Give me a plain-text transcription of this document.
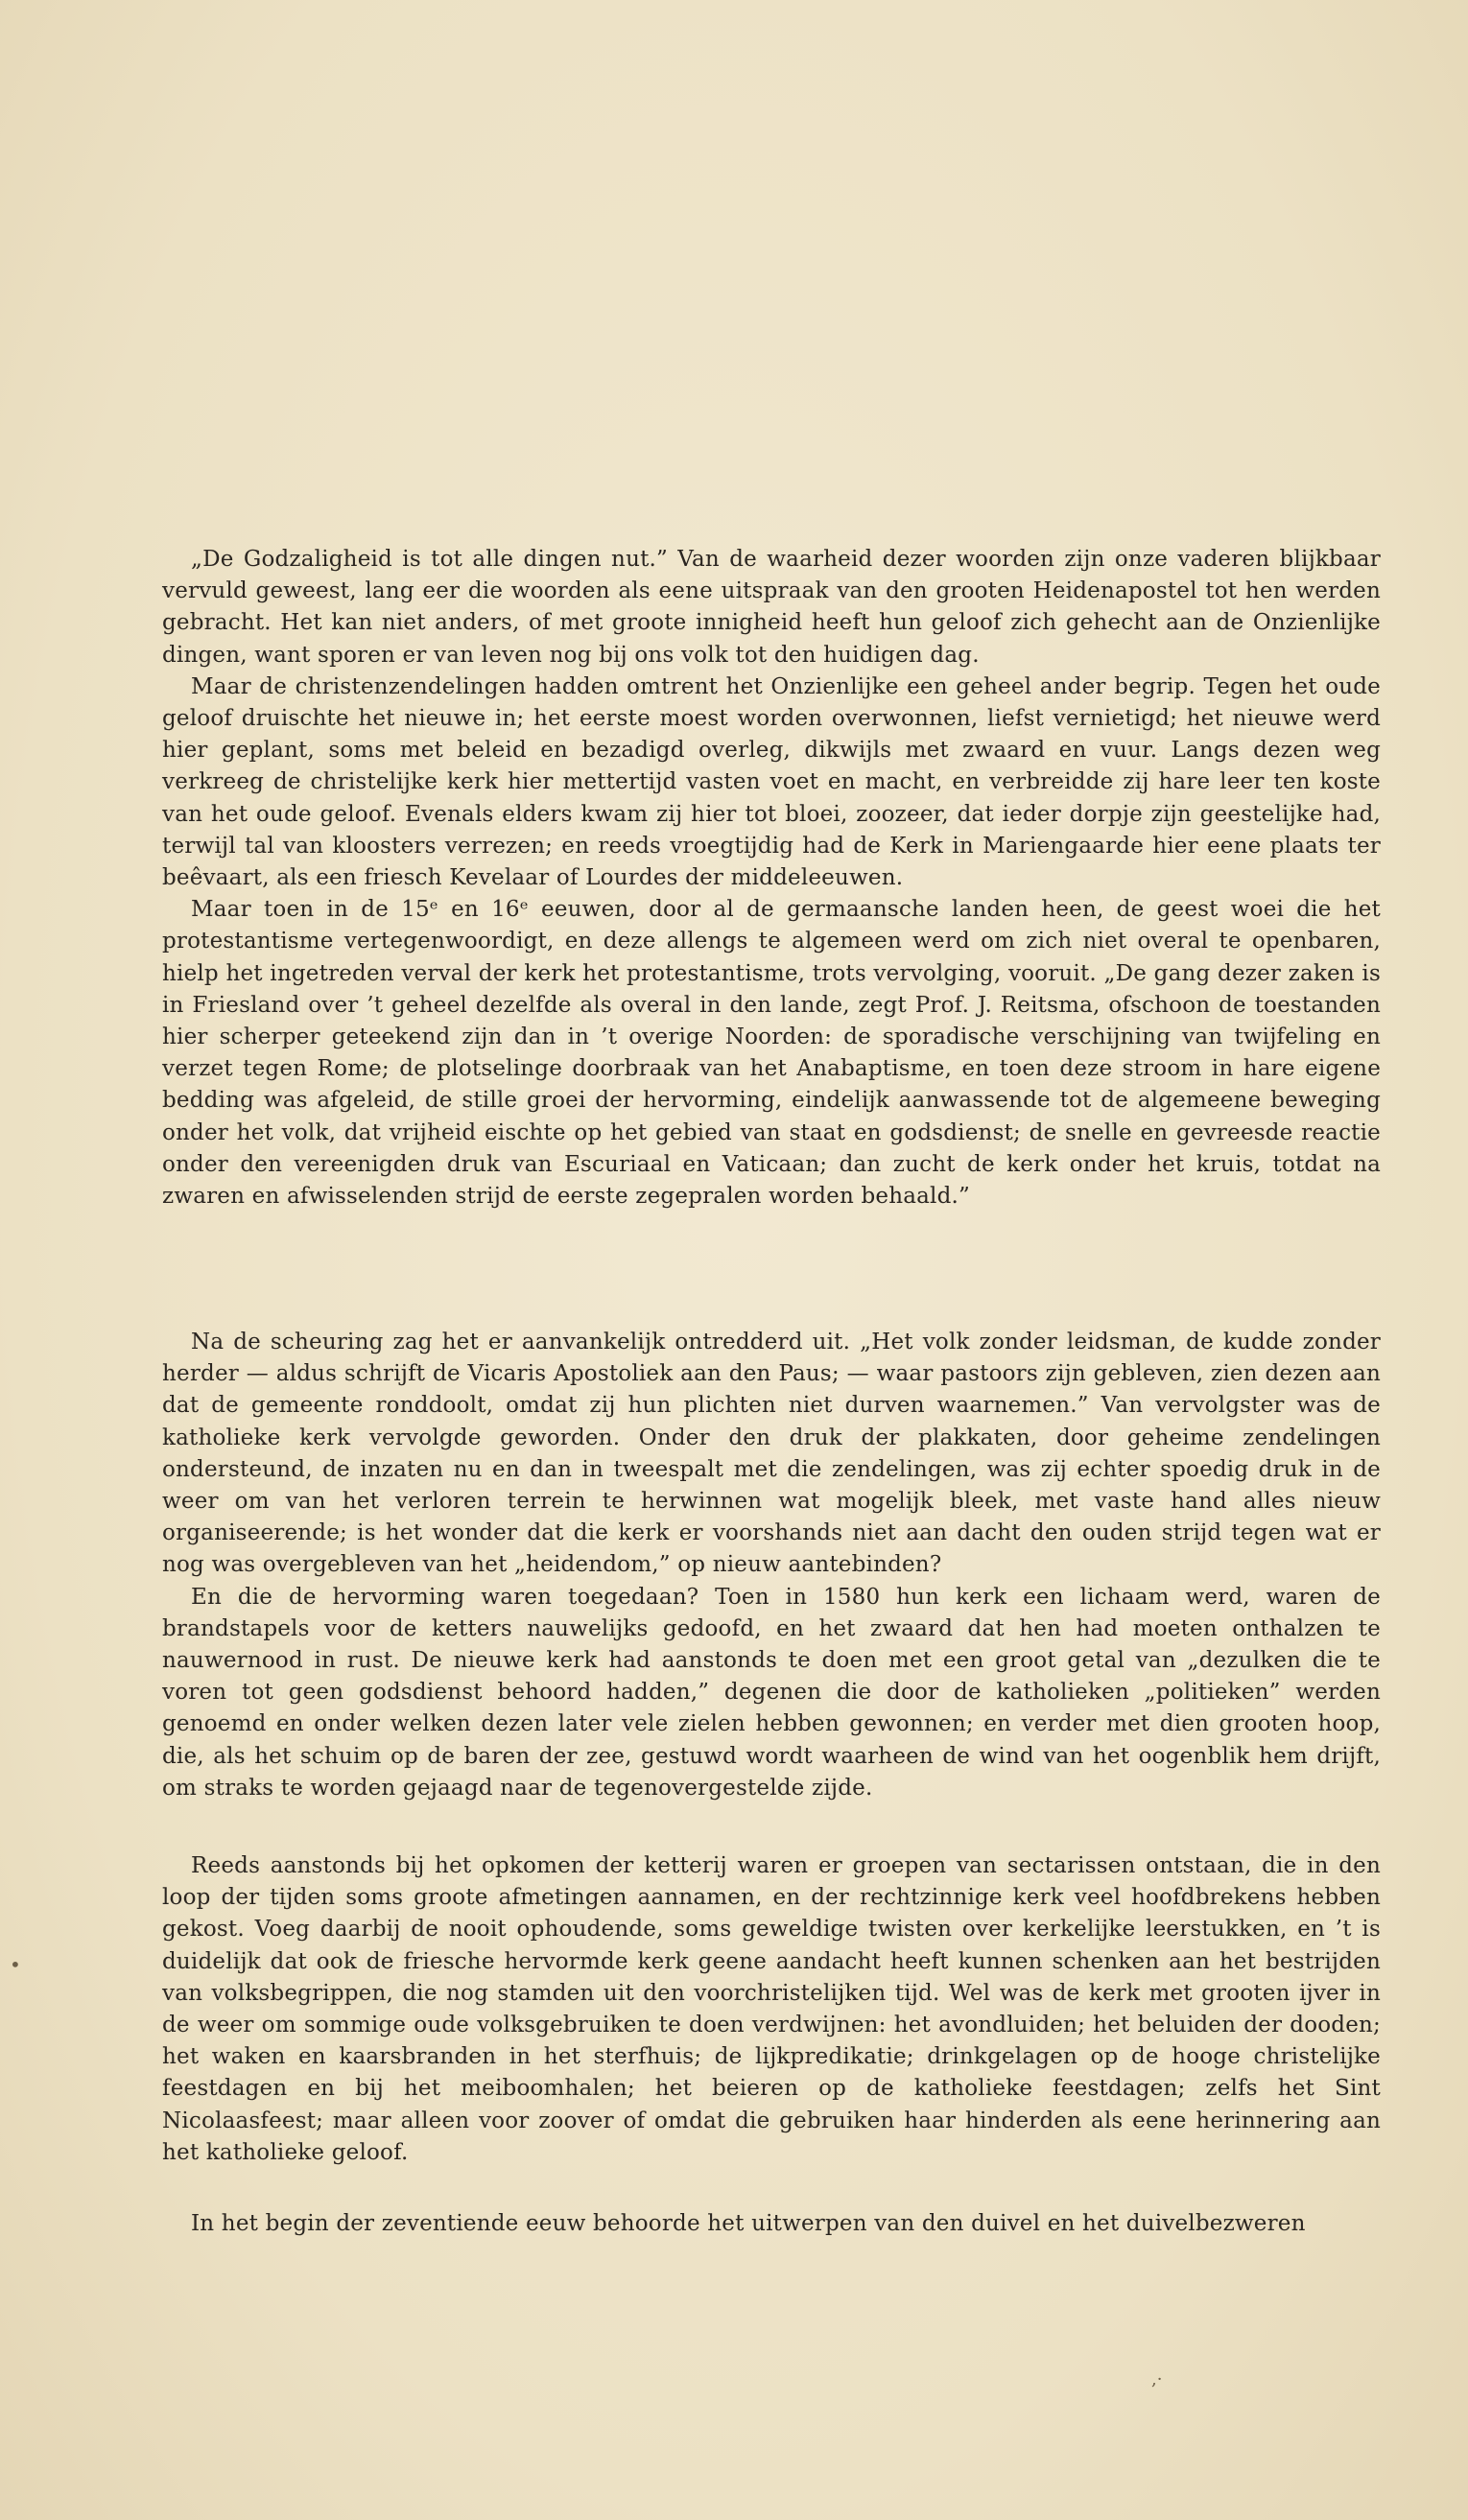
„De Godzaligheid is tot alle dingen nut.” Van de waarheid dezer woorden zijn onze vaderen blijkbaar vervuld geweest, lang eer die woorden als eene uitspraak van den grooten Heidenapostel tot hen werden gebracht. Het kan niet anders, of met groote innigheid heeft hun geloof zich gehecht aan de Onzienlijke dingen, want sporen er van leven nog bij ons volk tot den huidigen dag.

Maar de christenzendelingen hadden omtrent het Onzienlijke een geheel ander begrip. Tegen het oude geloof druischte het nieuwe in; het eerste moest worden overwonnen, liefst vernietigd; het nieuwe werd hier geplant, soms met beleid en bezadigd overleg, dikwijls met zwaard en vuur. Langs dezen weg verkreeg de christelijke kerk hier mettertijd vasten voet en macht, en verbreidde zij hare leer ten koste van het oude geloof. Evenals elders kwam zij hier tot bloei, zoozeer, dat ieder dorpje zijn geestelijke had, terwijl tal van kloosters verrezen; en reeds vroegtijdig had de Kerk in Mariengaarde hier eene plaats ter beêvaart, als een friesch Kevelaar of Lourdes der middeleeuwen.

Maar toen in de 15ᵉ en 16ᵉ eeuwen, door al de germaansche landen heen, de geest woei die het protestantisme vertegenwoordigt, en deze allengs te algemeen werd om zich niet overal te openbaren, hielp het ingetreden verval der kerk het protestantisme, trots vervolging, vooruit. „De gang dezer zaken is in Friesland over ’t geheel dezelfde als overal in den lande, zegt Prof. J. Reitsma, ofschoon de toestanden hier scherper geteekend zijn dan in ’t overige Noorden: de sporadische verschijning van twijfeling en verzet tegen Rome; de plotselinge doorbraak van het Anabaptisme, en toen deze stroom in hare eigene bedding was afgeleid, de stille groei der hervorming, eindelijk aanwassende tot de algemeene beweging onder het volk, dat vrijheid eischte op het gebied van staat en godsdienst; de snelle en gevreesde reactie onder den vereenigden druk van Escuriaal en Vaticaan; dan zucht de kerk onder het kruis, totdat na zwaren en afwisselenden strijd de eerste zegepralen worden behaald.”

Na de scheuring zag het er aanvankelijk ontredderd uit. „Het volk zonder leidsman, de kudde zonder herder — aldus schrijft de Vicaris Apostoliek aan den Paus; — waar pastoors zijn gebleven, zien dezen aan dat de gemeente ronddoolt, omdat zij hun plichten niet durven waarnemen.” Van vervolgster was de katholieke kerk vervolgde geworden. Onder den druk der plakkaten, door geheime zendelingen ondersteund, de inzaten nu en dan in tweespalt met die zendelingen, was zij echter spoedig druk in de weer om van het verloren terrein te herwinnen wat mogelijk bleek, met vaste hand alles nieuw organiseerende; is het wonder dat die kerk er voorshands niet aan dacht den ouden strijd tegen wat er nog was overgebleven van het „heidendom,” op nieuw aantebinden?

En die de hervorming waren toegedaan? Toen in 1580 hun kerk een lichaam werd, waren de brandstapels voor de ketters nauwelijks gedoofd, en het zwaard dat hen had moeten onthalzen te nauwernood in rust. De nieuwe kerk had aanstonds te doen met een groot getal van „dezulken die te voren tot geen godsdienst behoord hadden,” degenen die door de katholieken „politieken” werden genoemd en onder welken dezen later vele zielen hebben gewonnen; en verder met dien grooten hoop, die, als het schuim op de baren der zee, gestuwd wordt waarheen de wind van het oogenblik hem drijft, om straks te worden gejaagd naar de tegenovergestelde zijde.

Reeds aanstonds bij het opkomen der ketterij waren er groepen van sectarissen ontstaan, die in den loop der tijden soms groote afmetingen aannamen, en der rechtzinnige kerk veel hoofdbrekens hebben gekost. Voeg daarbij de nooit ophoudende, soms geweldige twisten over kerkelijke leerstukken, en ’t is duidelijk dat ook de friesche hervormde kerk geene aandacht heeft kunnen schenken aan het bestrijden van volksbegrippen, die nog stamden uit den voorchristelijken tijd. Wel was de kerk met grooten ijver in de weer om sommige oude volksgebruiken te doen verdwijnen: het avondluiden; het beluiden der dooden; het waken en kaarsbranden in het sterfhuis; de lijkpredikatie; drinkgelagen op de hooge christelijke feestdagen en bij het meiboomhalen; het beieren op de katholieke feestdagen; zelfs het Sint Nicolaasfeest; maar alleen voor zoover of omdat die gebruiken haar hinderden als eene herinnering aan het katholieke geloof.

In het begin der zeventiende eeuw behoorde het uitwerpen van den duivel en het duivelbezweren

•
,·
